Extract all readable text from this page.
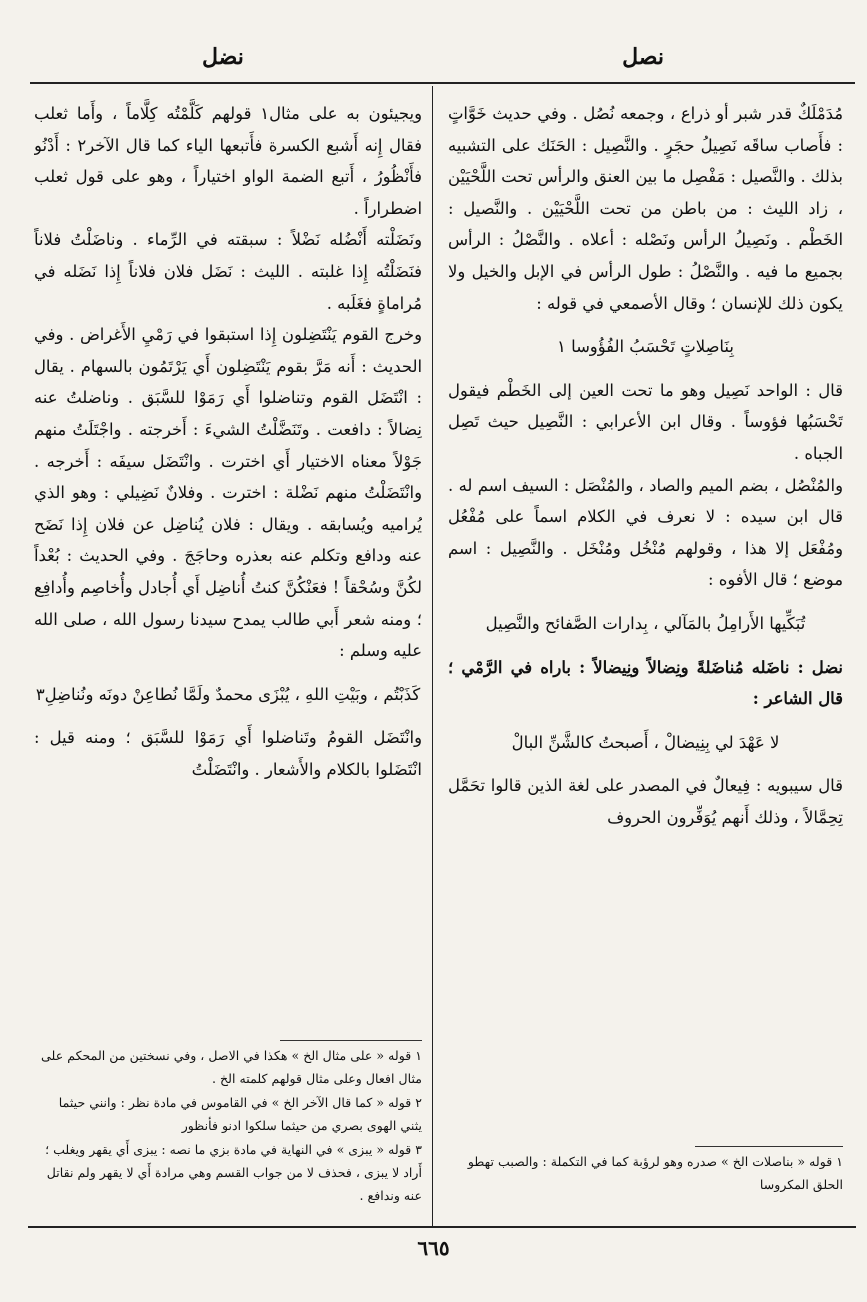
نصل
نضل

مُدَمْلَكٌ قدر شبر أو ذراع ، وجمعه نُصُل . وفي حديث خَوَّاتٍ : فأَصاب ساقَه نَصِيلُ حجَرٍ . والنَّصِيل : الحَنَك على التشبيه بذلك . والنَّصيل : مَفْصِل ما بين العنق والرأس تحت اللَّحْيَيْن ، زاد الليث : من باطن من تحت اللَّحْيَيْن . والنَّصيل : الخَطْم . ونَصِيلُ الرأس ونَصْله : أعلاه . والنَّصْلُ : الرأس بجميع ما فيه . والنَّصْلُ : طول الرأس في الإبل والخيل ولا يكون ذلك للإنسان ؛ وقال الأصمعي في قوله :

بِنَاصِلاتٍ تَحْسَبُ الفُؤُوسا ١

قال : الواحد نَصِيل وهو ما تحت العين إلى الخَطْم فيقول تَحْسَبُها فؤوساً . وقال ابن الأعرابي : النَّصِيل حيث تَصِل الجباه .

والمُنْصُل ، بضم الميم والصاد ، والمُنْصَل : السيف اسم له . قال ابن سيده : لا نعرف في الكلام اسماً على مُفْعُل ومُفْعَل إلا هذا ، وقولهم مُنْخُل ومُنْخَل . والنَّصِيل : اسم موضع ؛ قال الأفوه :

تُبَكِّيها الأَرامِلُ بالمَآلي ، بِدارات الصَّفائح والنَّصِيل

نضل : ناضَله مُناضَلةً ونِضالاً ونِيضالاً : باراه في الرَّمْي ؛ قال الشاعر :

لا عَهْدَ لي بِنِيضالْ ، أَصبحتُ كالشَّنِّ البالْ

قال سيبويه : فِيعالٌ في المصدر على لغة الذين قالوا تحَمَّل تِحِمَّالاً ، وذلك أَنهم يُوَفِّرون الحروف

ويجيئون به على مثال١ قولهم كَلَّمْتُه كِلَّاماً ، وأَما ثعلب فقال إِنه أَشبع الكسرة فأَتبعها الياء كما قال الآخر٢ : أَدْنُو فأَنْظُورُ ، أَتبع الضمة الواو اختياراً ، وهو على قول ثعلب اضطراراً .

ونَضَلْته أَنْضُله نَضْلاً : سبقته في الرِّماء . وناضَلْتُ فلاناً فنَضَلْتُه إِذا غلبته . الليث : نَضَل فلان فلاناً إِذا نَضَله في مُراماةٍ فغَلَبه .

وخرج القوم يَنْتَضِلون إِذا استبقوا في رَمْيِ الأَغراض . وفي الحديث : أَنه مَرَّ بقوم يَنْتَضِلون أَي يَرْتَمُون بالسهام . يقال : انْتَضَل القوم وتناضلوا أَي رَمَوْا للسَّبَق . وناضلتُ عنه نِضالاً : دافعت . وتَنَضَّلْتُ الشيءَ : أَخرجته . واجْتَلَتُ منهم جَوْلاً معناه الاختيار أَي اخترت . وانْتَضَل سيفَه : أَخرجه . وانْتَضَلْتُ منهم نَضْلة : اخترت . وفلانٌ نَضِيلي : وهو الذي يُراميه ويُسابقه . ويقال : فلان يُناضِل عن فلان إِذا نَضَح عنه ودافع وتكلم عنه بعذره وحاجَجَ . وفي الحديث : بُعْداً لكُنَّ وسُحْقاً ! فعَنْكُنَّ كنتُ أُناضِل أَي أُجادل وأُخاصِم وأُدافِع ؛ ومنه شعر أَبي طالب يمدح سيدنا رسول الله ، صلى الله عليه وسلم :

كَذَبْتُم ، وبَيْتِ اللهِ ، يُبْزَى محمدٌ ولَمَّا نُطاعِنْ دونَه ونُناضِلِ٣

وانْتَضَل القومُ وتَناضلوا أَي رَمَوْا للسَّبَق ؛ ومنه قيل : انْتَضَلوا بالكلام والأَشعار . وانْتَضَلْتُ

١ قوله « على مثال الخ » هكذا في الاصل ، وفي نسختين من المحكم على مثال افعال وعلى مثال قولهم كلمته الخ .
٢ قوله « كما قال الآخر الخ » في القاموس في مادة نظر : وانني حيثما يثني الهوى بصري من حيثما سلكوا ادنو فأنظور
٣ قوله « يبزى » في النهاية في مادة بزي ما نصه : يبزى أَي يقهر ويغلب ؛ أَراد لا يبزى ، فحذف لا من جواب القسم وهي مرادة أَي لا يقهر ولم نقاتل عنه وندافع .
١ قوله « بناصلات الخ » صدره وهو لرؤبة كما في التكملة : والصبب تهطو الحلق المكروسا
٦٦٥
